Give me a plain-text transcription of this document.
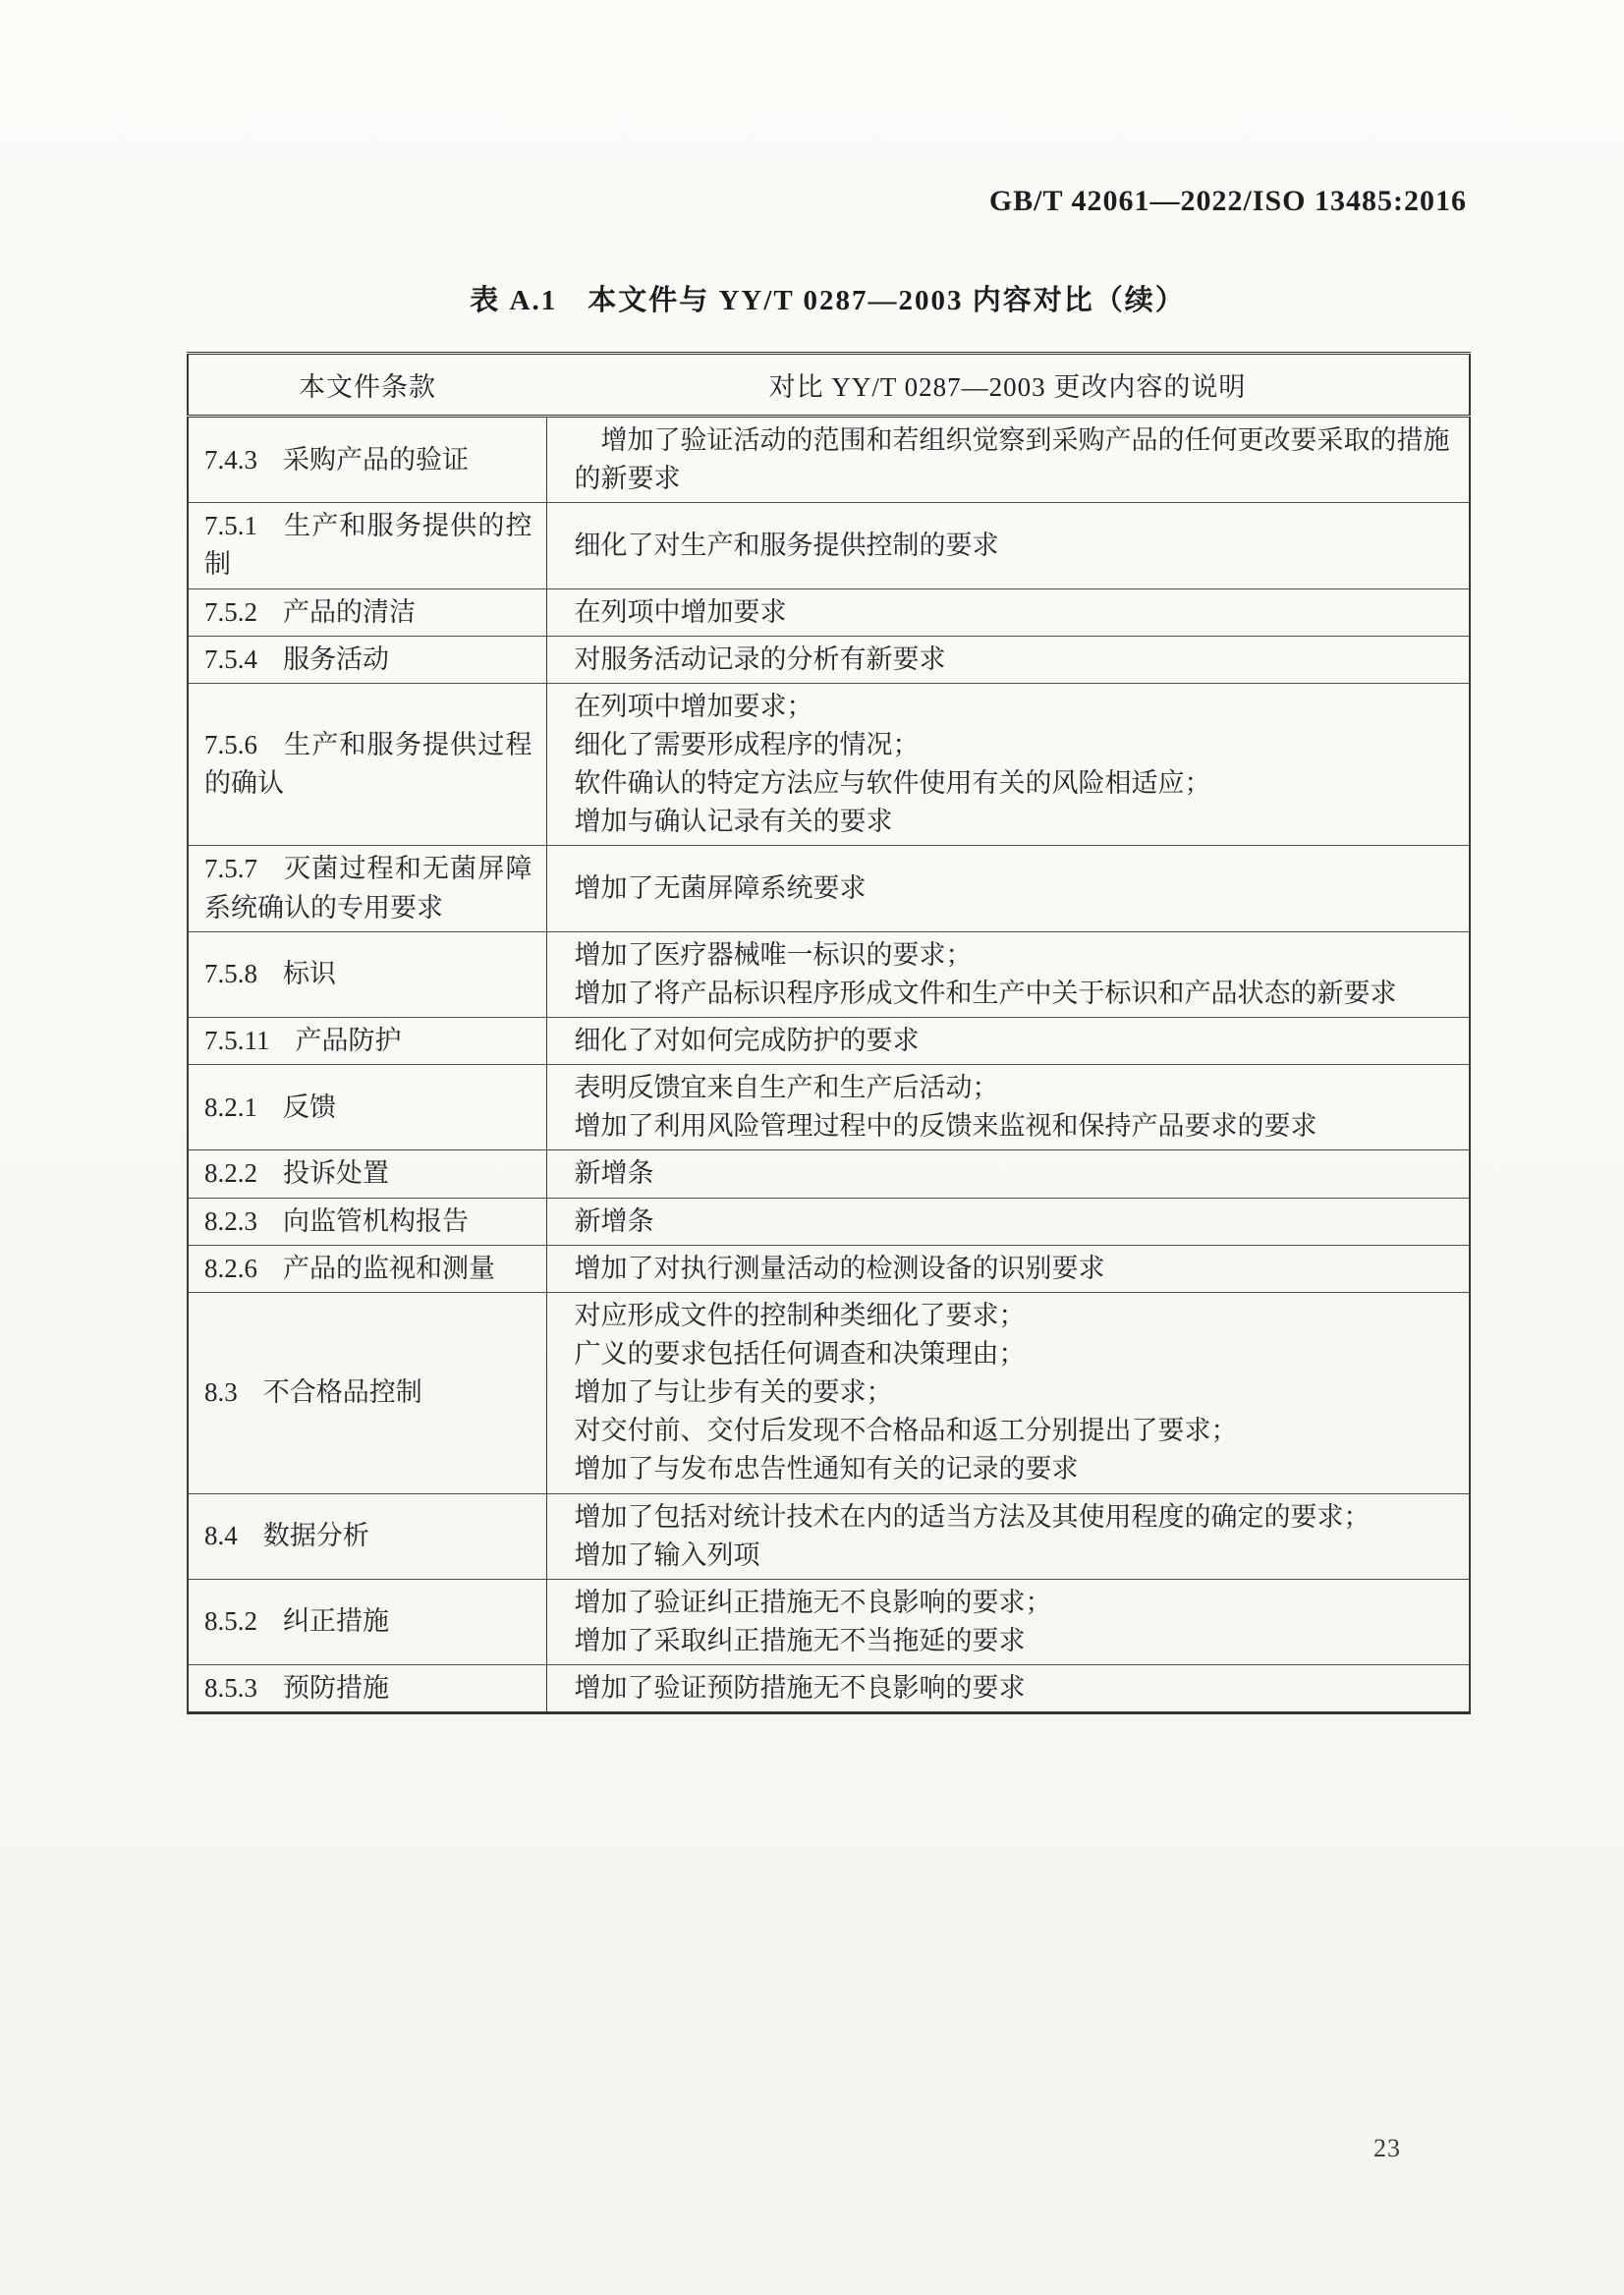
GB/T 42061—2022/ISO 13485:2016
表 A.1　本文件与 YY/T 0287—2003 内容对比（续）
本文件条款	对比 YY/T 0287—2003 更改内容的说明
7.4.3 采购产品的验证	增加了验证活动的范围和若组织觉察到采购产品的任何更改要采取的措施的新要求

7.5.1 生产和服务提供的控制	细化了对生产和服务提供控制的要求

7.5.2 产品的清洁	在列项中增加要求

7.5.4 服务活动	对服务活动记录的分析有新要求

7.5.6 生产和服务提供过程的确认	在列项中增加要求；
细化了需要形成程序的情况；
软件确认的特定方法应与软件使用有关的风险相适应；
增加与确认记录有关的要求

7.5.7 灭菌过程和无菌屏障系统确认的专用要求	增加了无菌屏障系统要求

7.5.8 标识	增加了医疗器械唯一标识的要求；
增加了将产品标识程序形成文件和生产中关于标识和产品状态的新要求

7.5.11 产品防护	细化了对如何完成防护的要求

8.2.1 反馈	表明反馈宜来自生产和生产后活动；
增加了利用风险管理过程中的反馈来监视和保持产品要求的要求

8.2.2 投诉处置	新增条

8.2.3 向监管机构报告	新增条

8.2.6 产品的监视和测量	增加了对执行测量活动的检测设备的识别要求

8.3 不合格品控制	对应形成文件的控制种类细化了要求；
广义的要求包括任何调查和决策理由；
增加了与让步有关的要求；
对交付前、交付后发现不合格品和返工分别提出了要求；
增加了与发布忠告性通知有关的记录的要求

8.4 数据分析	增加了包括对统计技术在内的适当方法及其使用程度的确定的要求；
增加了输入列项

8.5.2 纠正措施	增加了验证纠正措施无不良影响的要求；
增加了采取纠正措施无不当拖延的要求

8.5.3 预防措施	增加了验证预防措施无不良影响的要求
23
